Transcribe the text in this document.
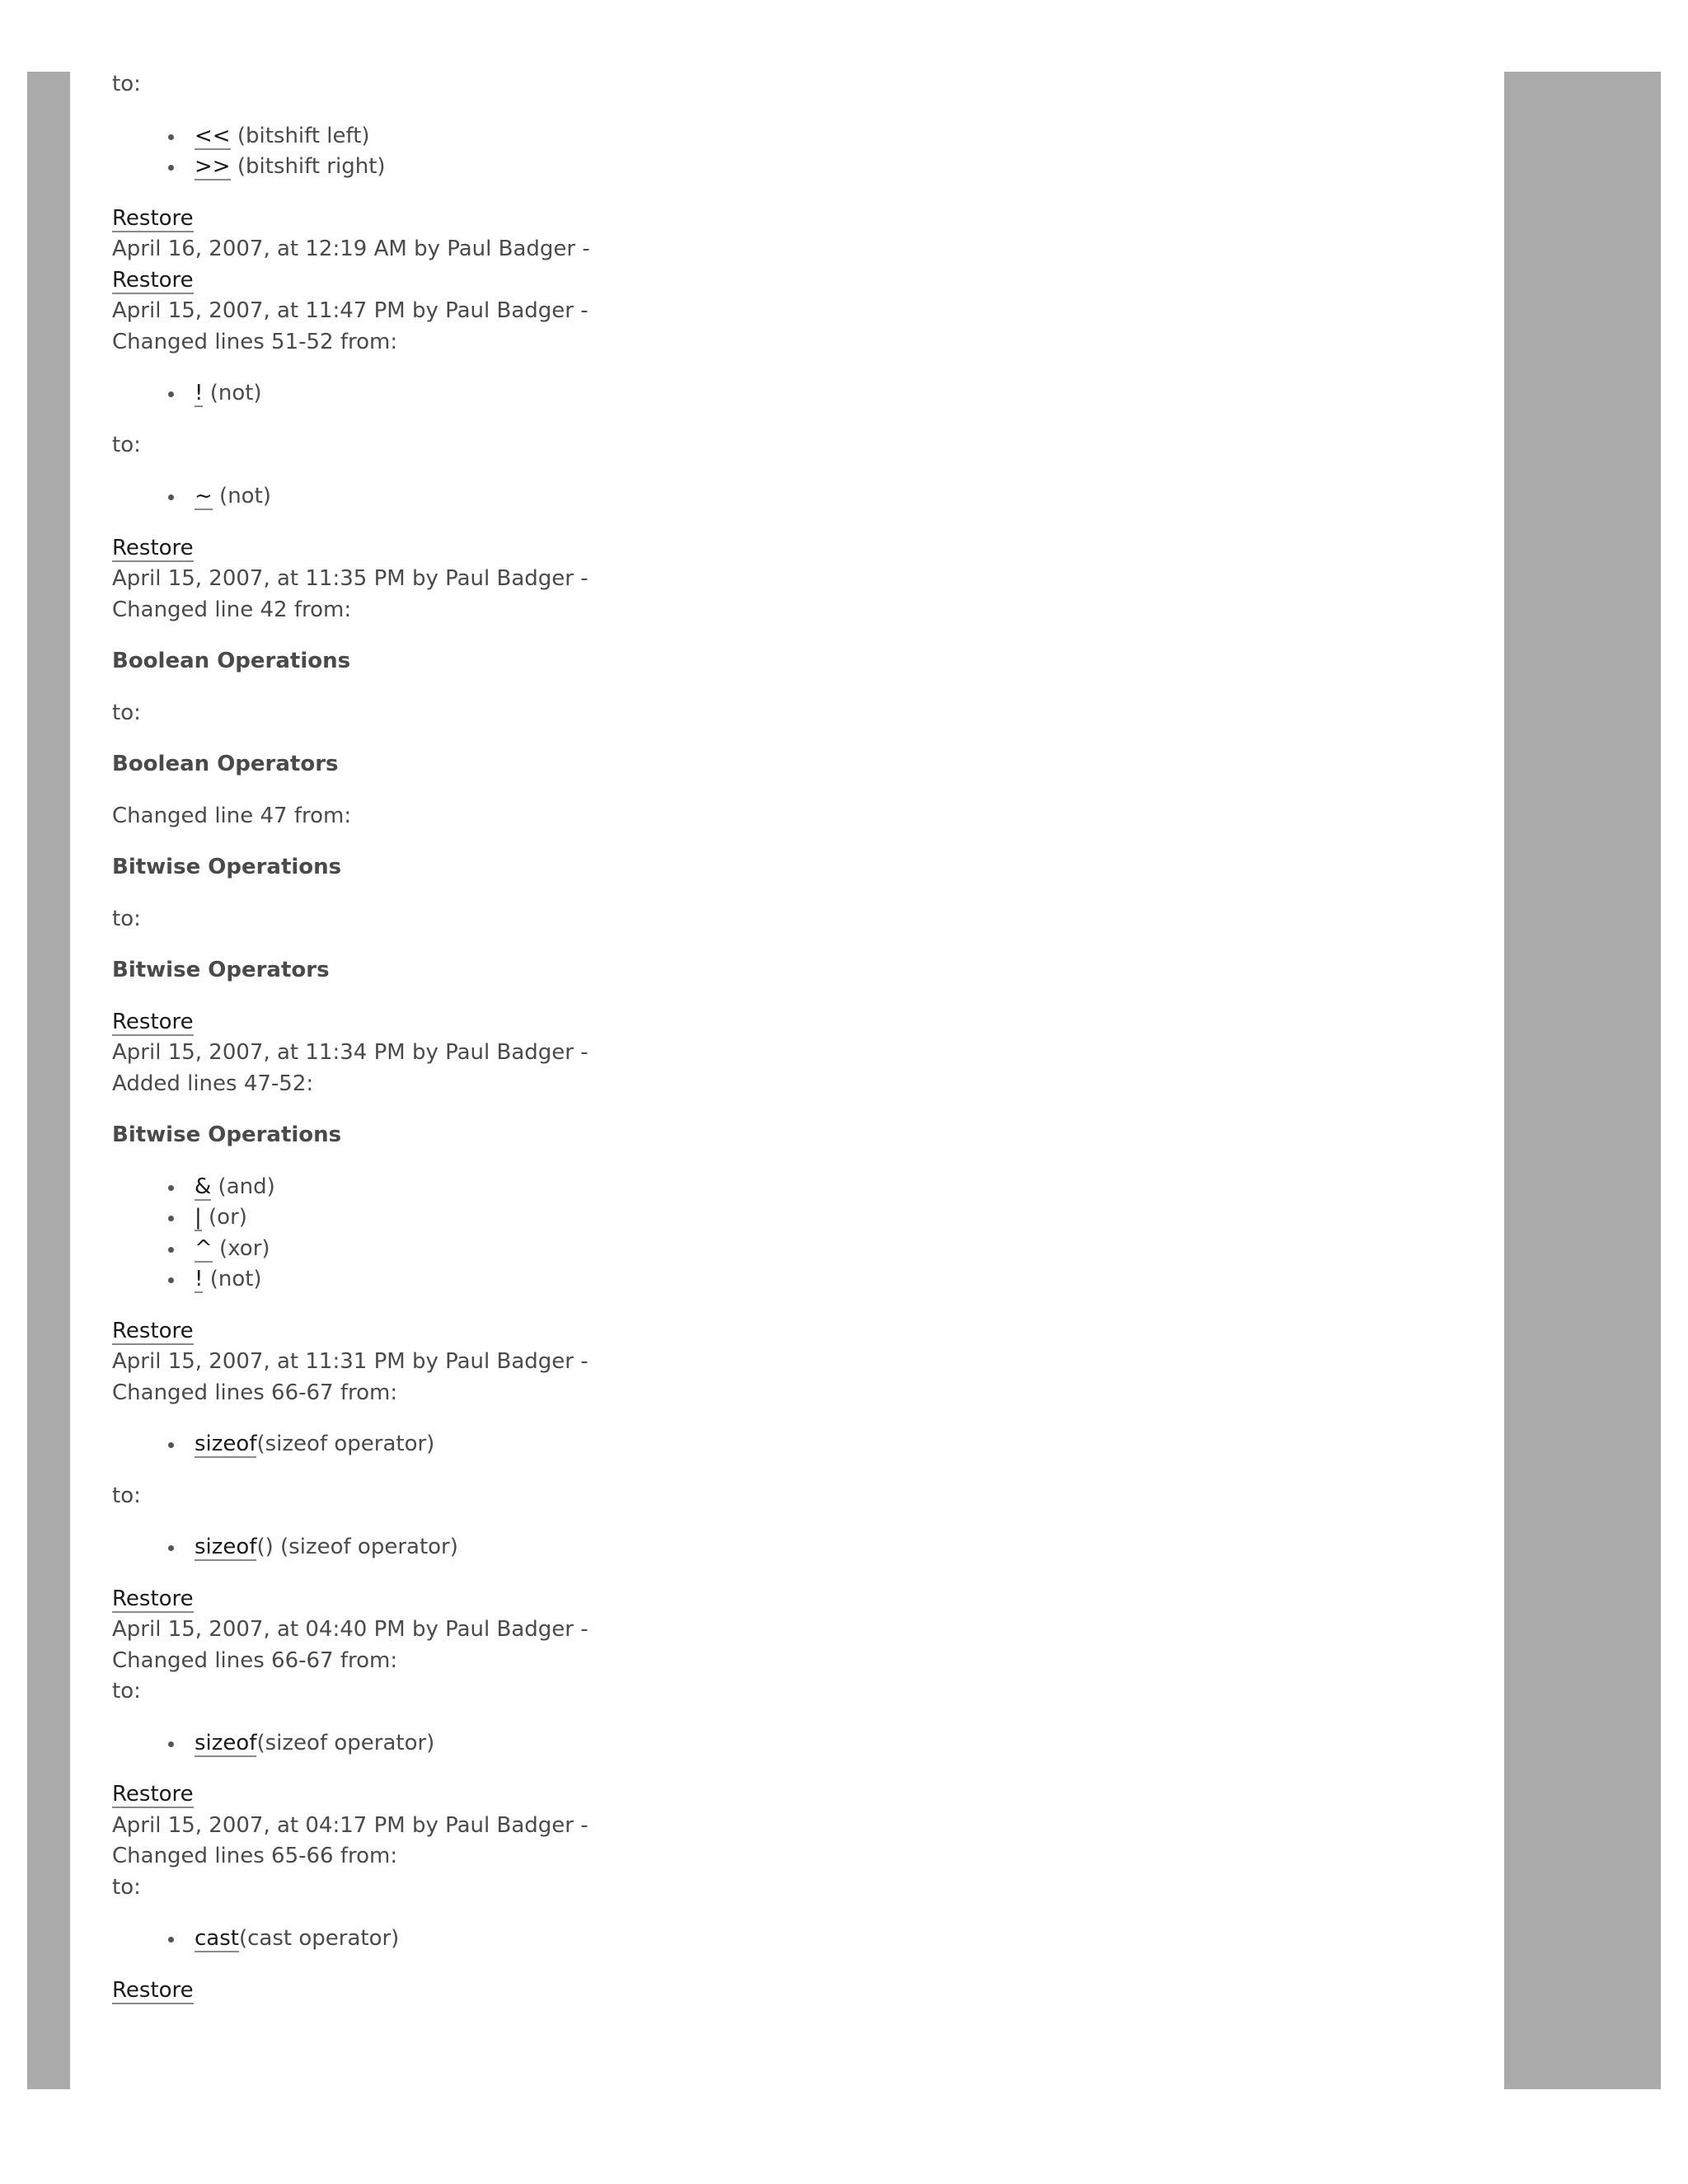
to:

<< (bitshift left)
>> (bitshift right)

Restore

April 16, 2007, at 12:19 AM by Paul Badger -

Restore

April 15, 2007, at 11:47 PM by Paul Badger -

Changed lines 51-52 from:

! (not)

to:

~ (not)

Restore

April 15, 2007, at 11:35 PM by Paul Badger -

Changed line 42 from:

Boolean Operations

to:

Boolean Operators

Changed line 47 from:

Bitwise Operations

to:

Bitwise Operators

Restore

April 15, 2007, at 11:34 PM by Paul Badger -

Added lines 47-52:

Bitwise Operations

& (and)
| (or)
^ (xor)
! (not)

Restore

April 15, 2007, at 11:31 PM by Paul Badger -

Changed lines 66-67 from:

sizeof(sizeof operator)

to:

sizeof() (sizeof operator)

Restore

April 15, 2007, at 04:40 PM by Paul Badger -

Changed lines 66-67 from:

to:

sizeof(sizeof operator)

Restore

April 15, 2007, at 04:17 PM by Paul Badger -

Changed lines 65-66 from:

to:

cast(cast operator)

Restore
